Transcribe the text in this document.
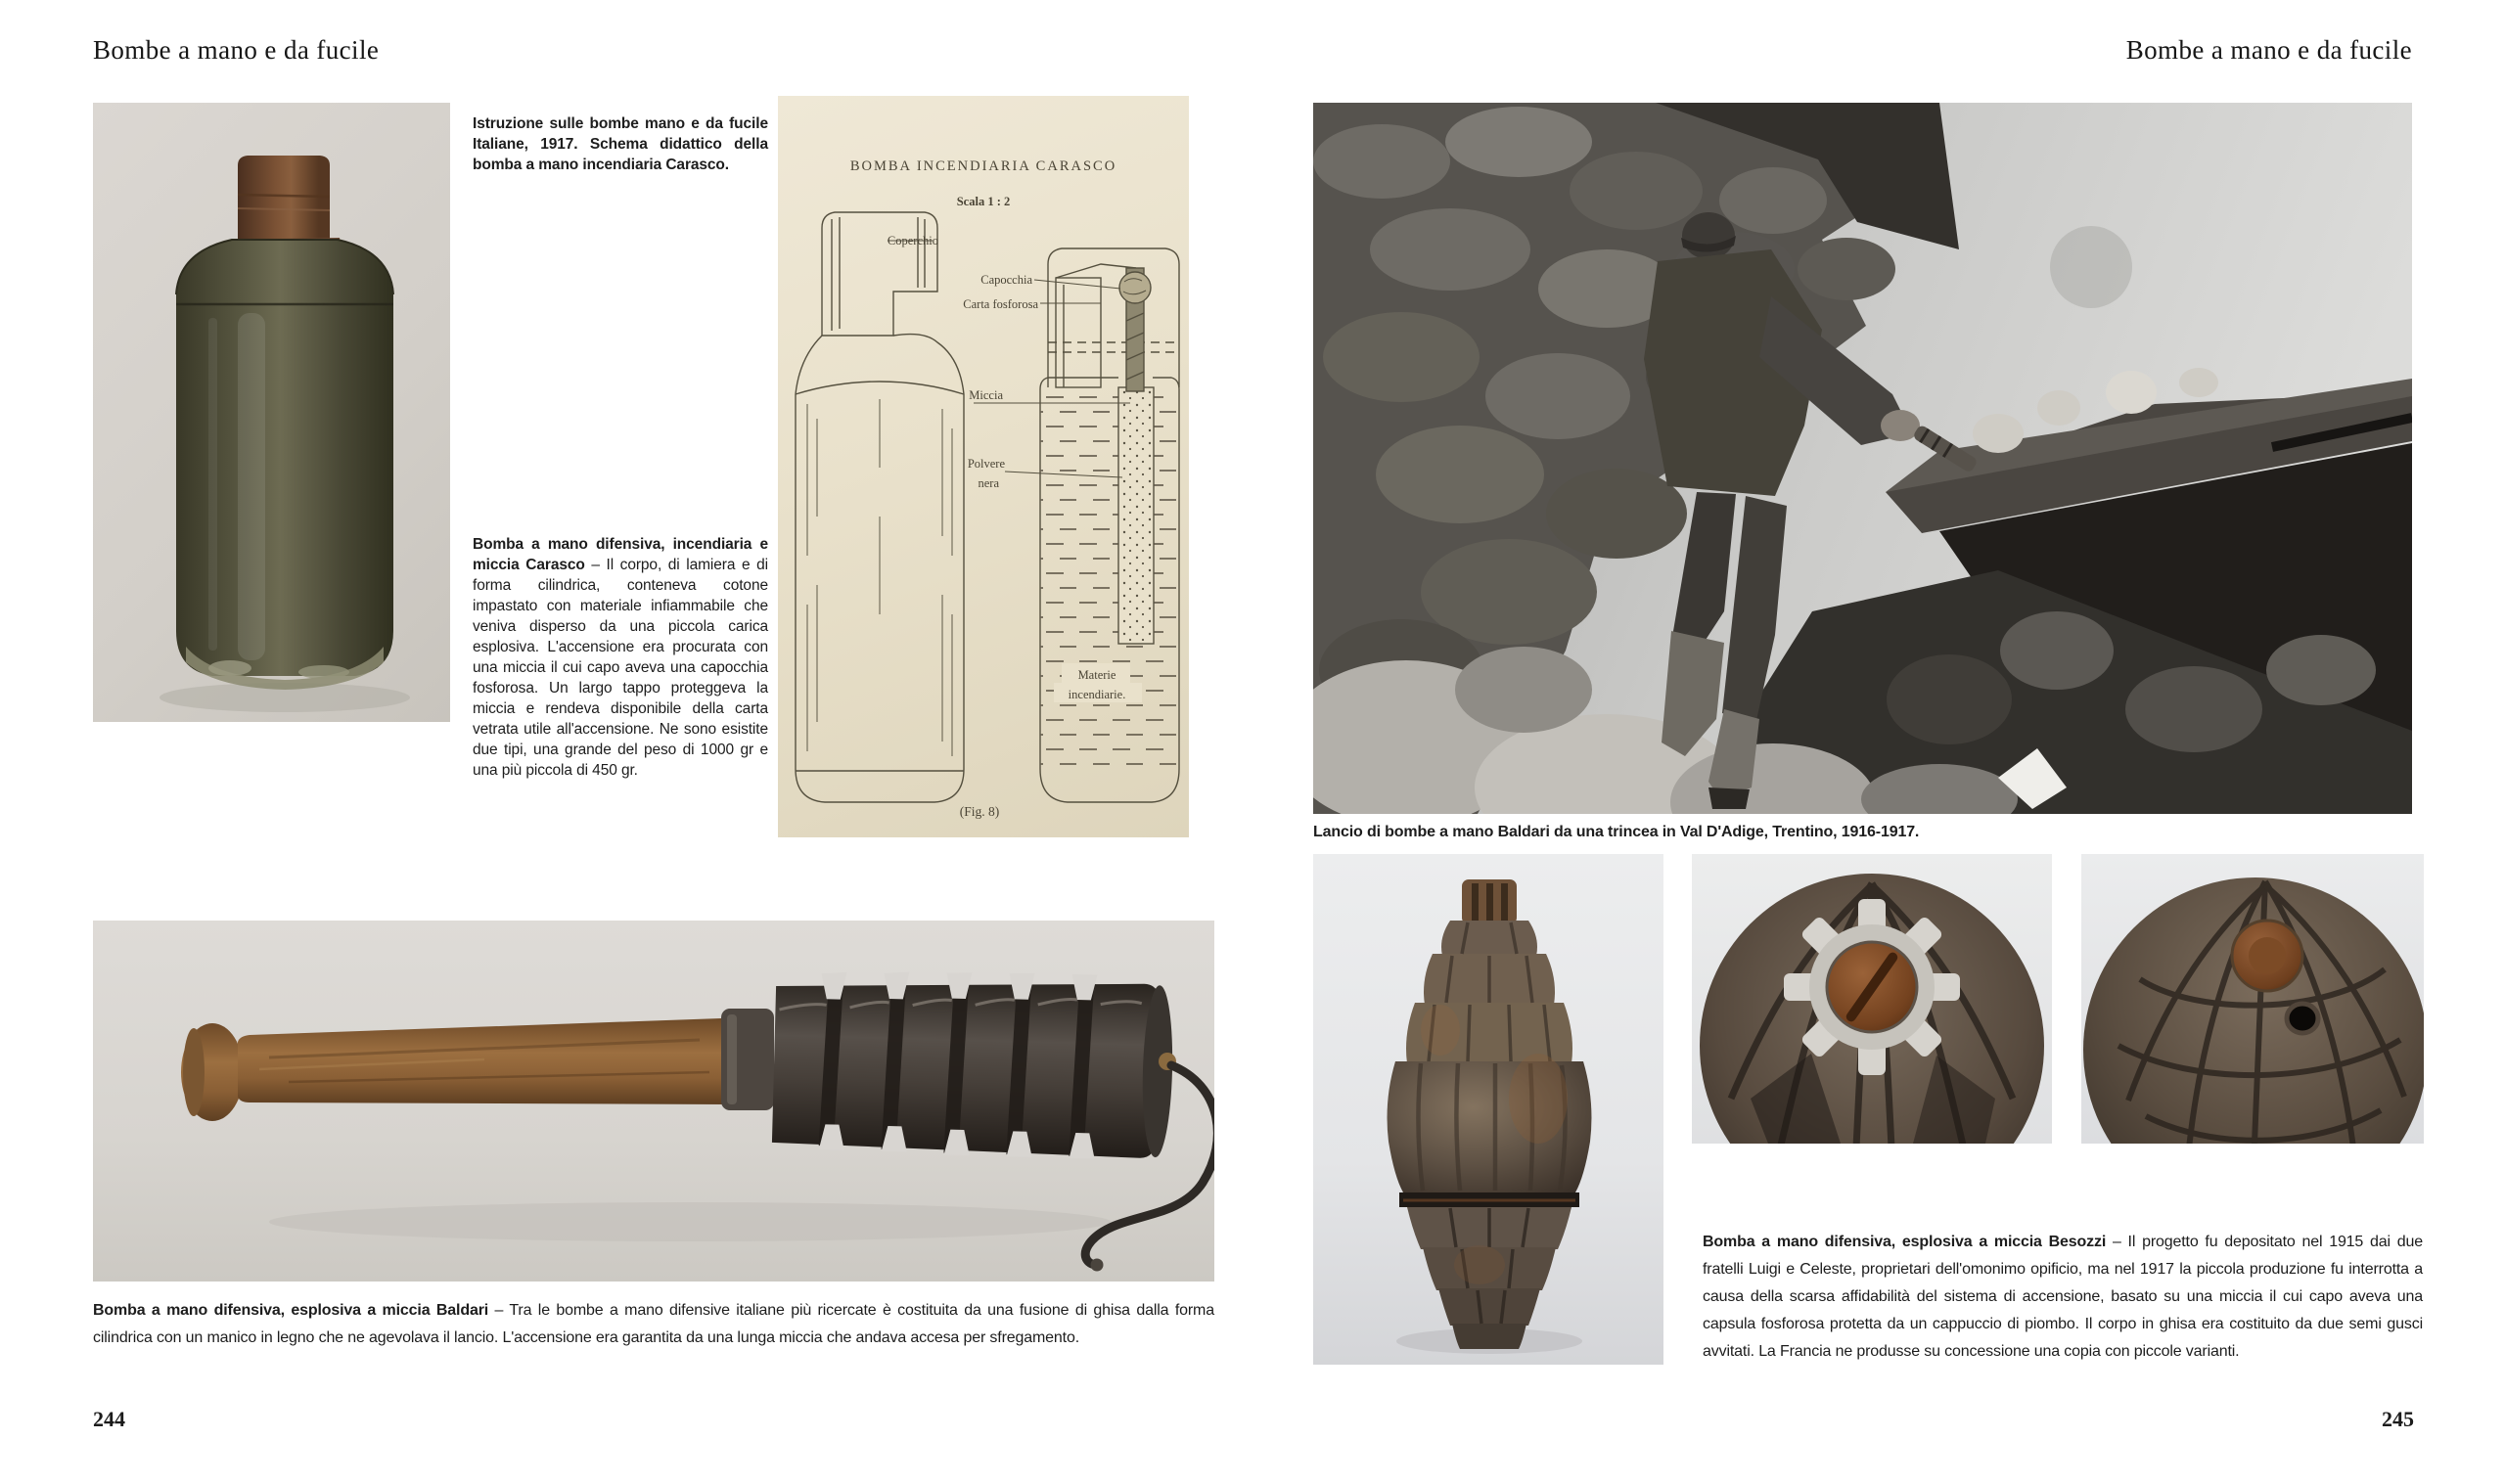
Bombe a mano e da fucile
Istruzione sulle bombe mano e da fucile Italiane, 1917. Schema didattico della bomba a mano incendiaria Carasco.
Bomba a mano difensiva, incendiaria e miccia Carasco – Il corpo, di lamiera e di forma cilindrica, conteneva cotone impastato con materiale infiammabile che veniva disperso da una piccola carica esplosiva. L'accensione era procurata con una miccia il cui capo aveva una capocchia fosforosa. Un largo tappo proteggeva la miccia e rendeva disponibile della carta vetrata utile all'accensione. Ne sono esistite due tipi, una grande del peso di 1000 gr e una più piccola di 450 gr.
BOMBA INCENDIARIA CARASCO
Scala 1 : 2
Coperchio
Capocchia
Carta fosforosa
Miccia
Polvere
nera
Materie
incendiarie.
(Fig. 8)
Bomba a mano difensiva, esplosiva a miccia Baldari – Tra le bombe a mano difensive italiane più ricercate è costituita da una fusione di ghisa dalla forma cilindrica con un manico in legno che ne agevolava il lancio. L'accensione era garantita da una lunga miccia che andava accesa per sfregamento.
244
Bombe a mano e da fucile
Lancio di bombe a mano Baldari da una trincea in Val D'Adige, Trentino, 1916-1917.
Bomba a mano difensiva, esplosiva a miccia Besozzi – Il progetto fu depositato nel 1915 dai due fratelli Luigi e Celeste, proprietari dell'omonimo opificio, ma nel 1917 la piccola produzione fu interrotta a causa della scarsa affidabilità del sistema di accensione, basato su una miccia il cui capo aveva una capsula fosforosa protetta da un cappuccio di piombo. Il corpo in ghisa era costituito da due semi gusci avvitati. La Francia ne produsse su concessione una copia con piccole varianti.
245
